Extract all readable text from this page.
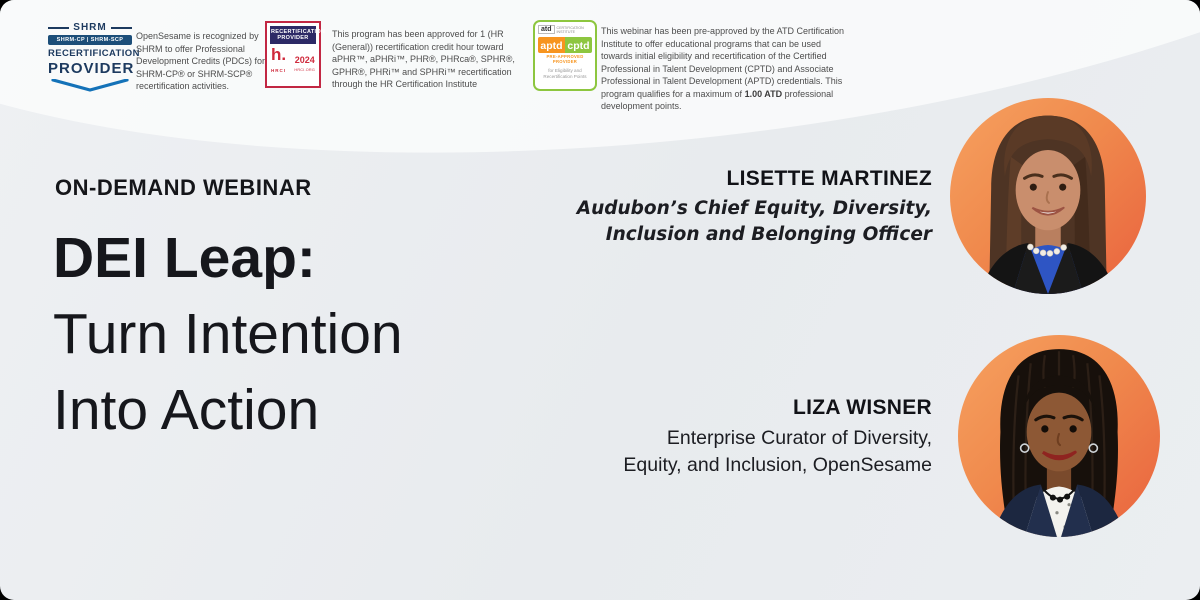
SHRM
SHRM-CP | SHRM-SCP
RECERTIFICATION
PROVIDER

OpenSesame is recognized by SHRM to offer Professional Development Credits (PDCs) for SHRM-CP® or SHRM-SCP® recertification activities.

RECERTIFICATION PROVIDER
h.
HRCI
2024
HRCI.ORG

This program has been approved for 1 (HR (General)) recertification credit hour toward aPHR™, aPHRi™, PHR®, PHRca®, SPHR®, GPHR®, PHRi™ and SPHRi™ recertification through the HR Certification Institute

atd	CERTIFICATION INSTITUTE
aptd cptd
PRE-APPROVED PROVIDER
for Eligibility and
Recertification Points

This webinar has been pre-approved by the ATD Certification Institute to offer educational programs that can be used towards initial eligibility and recertification of the Certified Professional in Talent Development (CPTD) and Associate Professional in Talent Development (APTD) credentials. This program qualifies for a maximum of 1.00 ATD professional development points.

ON-DEMAND WEBINAR
DEI Leap:
Turn Intention
Into Action
LISETTE MARTINEZ
Audubon’s Chief Equity, Diversity,
Inclusion and Belonging Officer
LIZA WISNER
Enterprise Curator of Diversity,
Equity, and Inclusion, OpenSesame
